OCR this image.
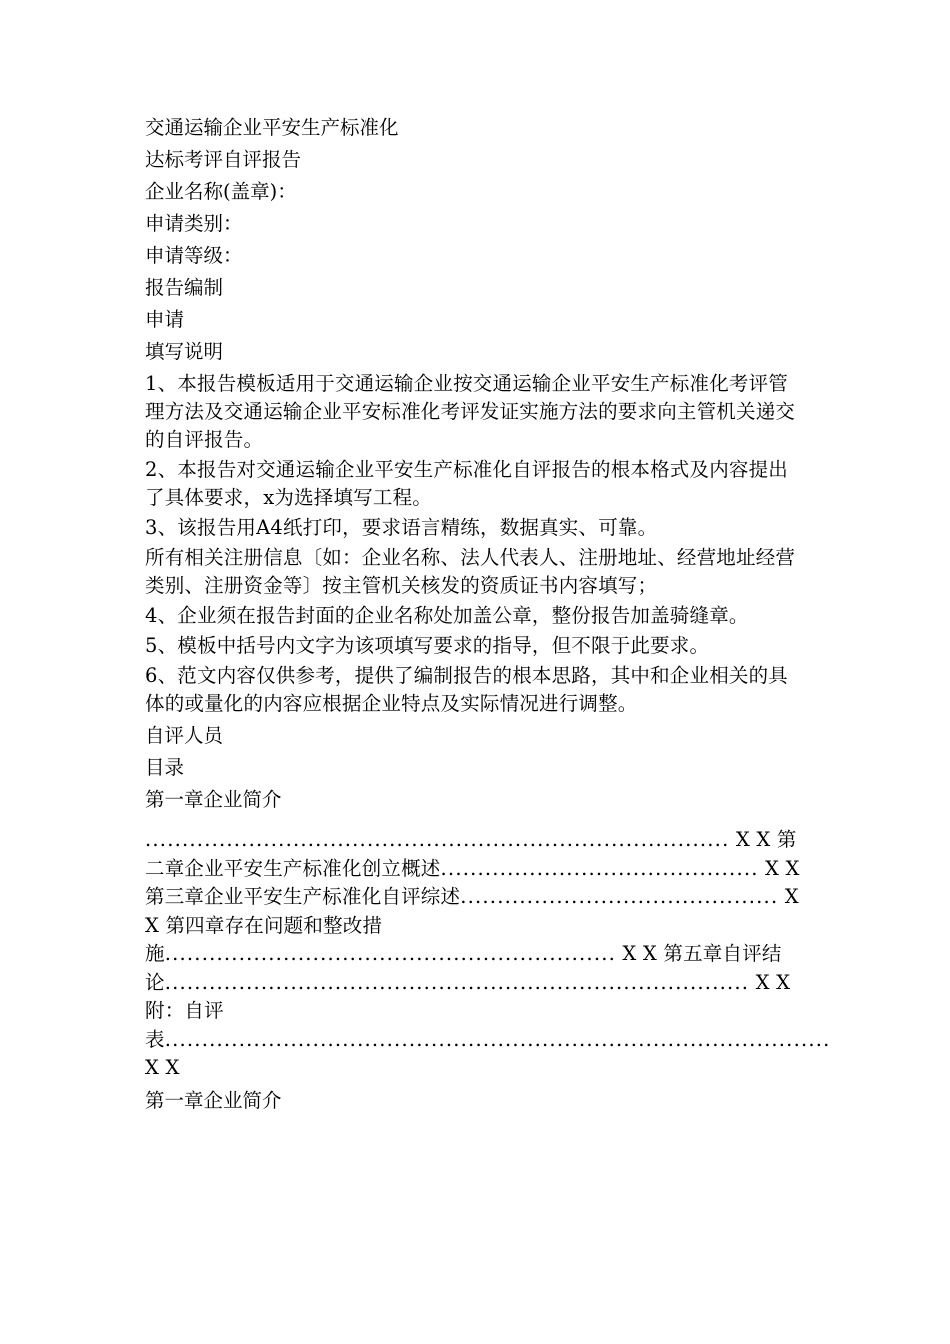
交通运输企业平安生产标准化
达标考评自评报告
企业名称(盖章)：
申请类别：
申请等级：
报告编制
申请
填写说明
1、本报告模板适用于交通运输企业按交通运输企业平安生产标准化考评管理方法及交通运输企业平安标准化考评发证实施方法的要求向主管机关递交的自评报告。
2、本报告对交通运输企业平安生产标准化自评报告的根本格式及内容提出了具体要求，x为选择填写工程。
3、该报告用A4纸打印，要求语言精练，数据真实、可靠。
所有相关注册信息〔如：企业名称、法人代表人、注册地址、经营地址经营类别、注册资金等〕按主管机关核发的资质证书内容填写；
4、企业须在报告封面的企业名称处加盖公章，整份报告加盖骑缝章。
5、模板中括号内文字为该项填写要求的指导，但不限于此要求。
6、范文内容仅供参考，提供了编制报告的根本思路，其中和企业相关的具体的或量化的内容应根据企业特点及实际情况进行调整。
自评人员
目录
第一章企业简介
............................................................................... X X 第二章企业平安生产标准化创立概述........................................... X X 第三章企业平安生产标准化自评综述........................................... X X 第四章存在问题和整改措施............................................................. X X 第五章自评结论............................................................................... X X 附：自评表.......................................................................................... X X
第一章企业简介
